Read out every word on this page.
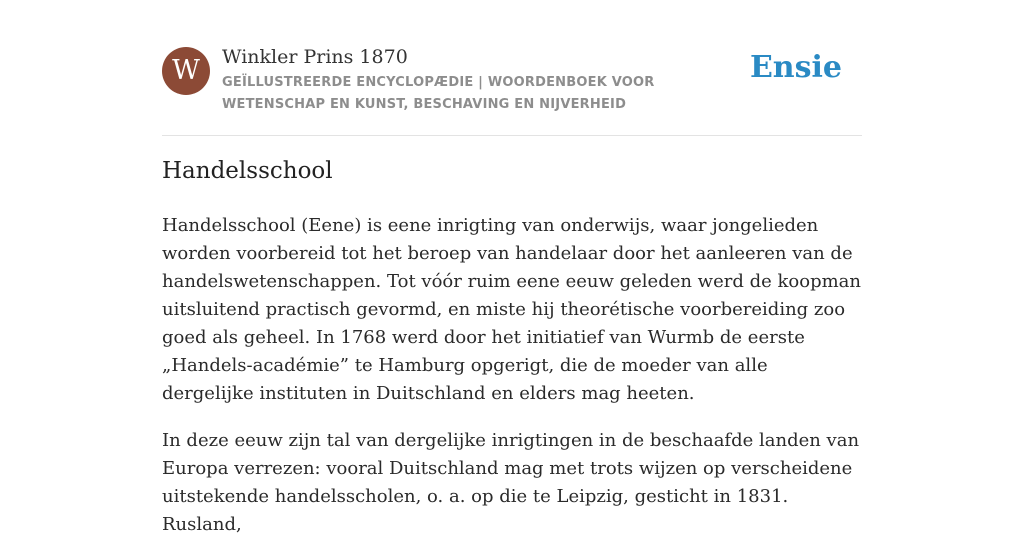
W	Winkler Prins 1870
GEÏLLUSTREERDE ENCYCLOPÆDIE | WOORDENBOEK VOOR WETENSCHAP EN KUNST, BESCHAVING EN NIJVERHEID
Ensie
Handelsschool

Handelsschool (Eene) is eene inrigting van onderwijs, waar jongelieden worden voorbereid tot het beroep van handelaar door het aanleeren van de handelswetenschappen. Tot vóór ruim eene eeuw geleden werd de koopman uitsluitend practisch gevormd, en miste hij theorétische voorbereiding zoo goed als geheel. In 1768 werd door het initiatief van Wurmb de eerste „Handels-académie” te Hamburg opgerigt, die de moeder van alle dergelijke instituten in Duitschland en elders mag heeten.

In deze eeuw zijn tal van dergelijke inrigtingen in de beschaafde landen van Europa verrezen: vooral Duitschland mag met trots wijzen op verscheidene uitstekende handelsscholen, o. a. op die te Leipzig, gesticht in 1831. Rusland,
